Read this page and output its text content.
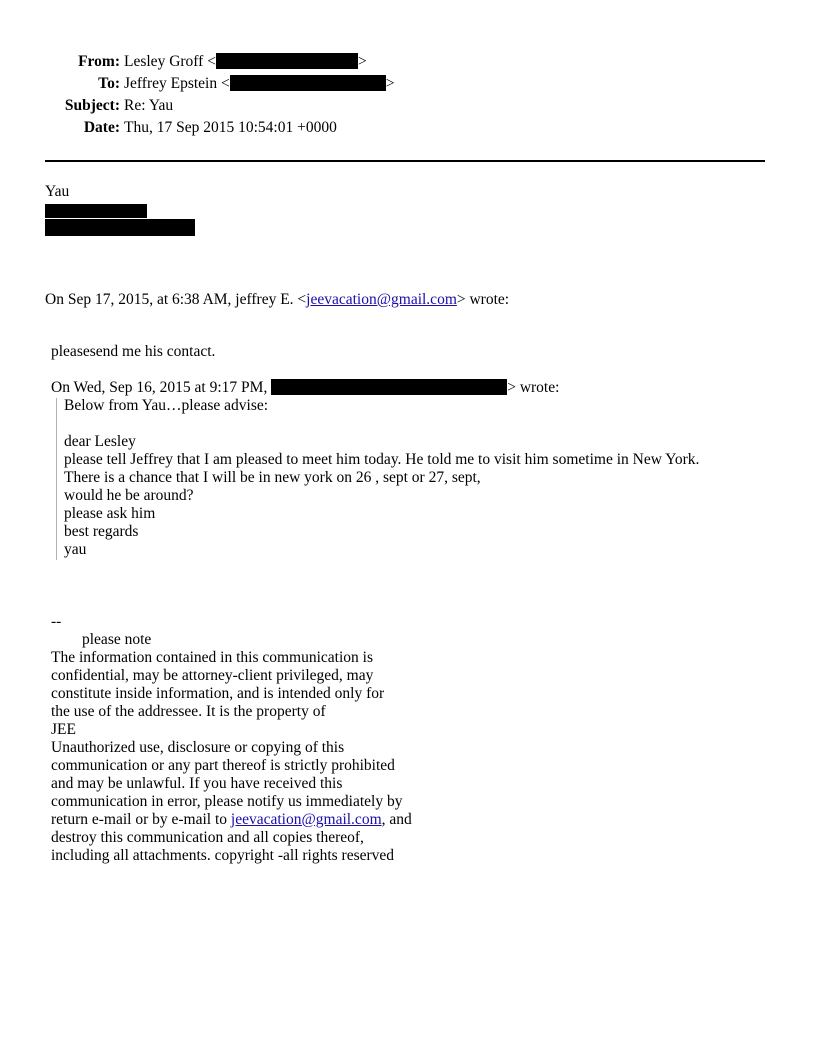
From: Lesley Groff <	>
To: Jeffrey Epstein <	>
Subject: Re: Yau
Date: Thu, 17 Sep 2015 10:54:01 +0000
Yau
On Sep 17, 2015, at 6:38 AM, jeffrey E. <jeevacation@gmail.com> wrote:
pleasesend me his contact.
On Wed, Sep 16, 2015 at 9:17 PM,	> wrote:
Below from Yau…please advise:
dear Lesley
please tell Jeffrey that I am pleased to meet him today. He told me to visit him sometime in New York.
There is a chance that I will be in new york on 26 , sept or 27, sept,
would he be around?
please ask him
best regards
yau
--
please note
The information contained in this communication is
confidential, may be attorney-client privileged, may
constitute inside information, and is intended only for
the use of the addressee. It is the property of
JEE
Unauthorized use, disclosure or copying of this
communication or any part thereof is strictly prohibited
and may be unlawful. If you have received this
communication in error, please notify us immediately by
return e-mail or by e-mail to jeevacation@gmail.com, and
destroy this communication and all copies thereof,
including all attachments. copyright -all rights reserved
